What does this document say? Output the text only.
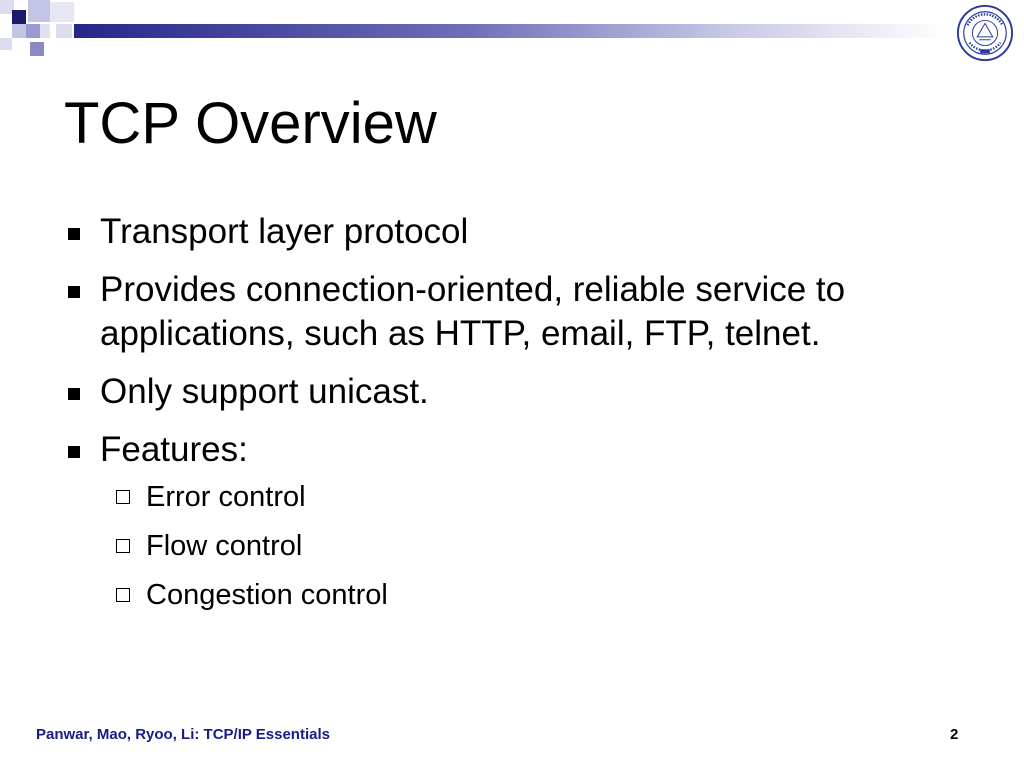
TCP Overview
Transport layer protocol
Provides connection-oriented, reliable service to applications, such as HTTP, email, FTP, telnet.
Only support unicast.
Features:
Error control
Flow control
Congestion control
Panwar, Mao, Ryoo, Li: TCP/IP Essentials	2
